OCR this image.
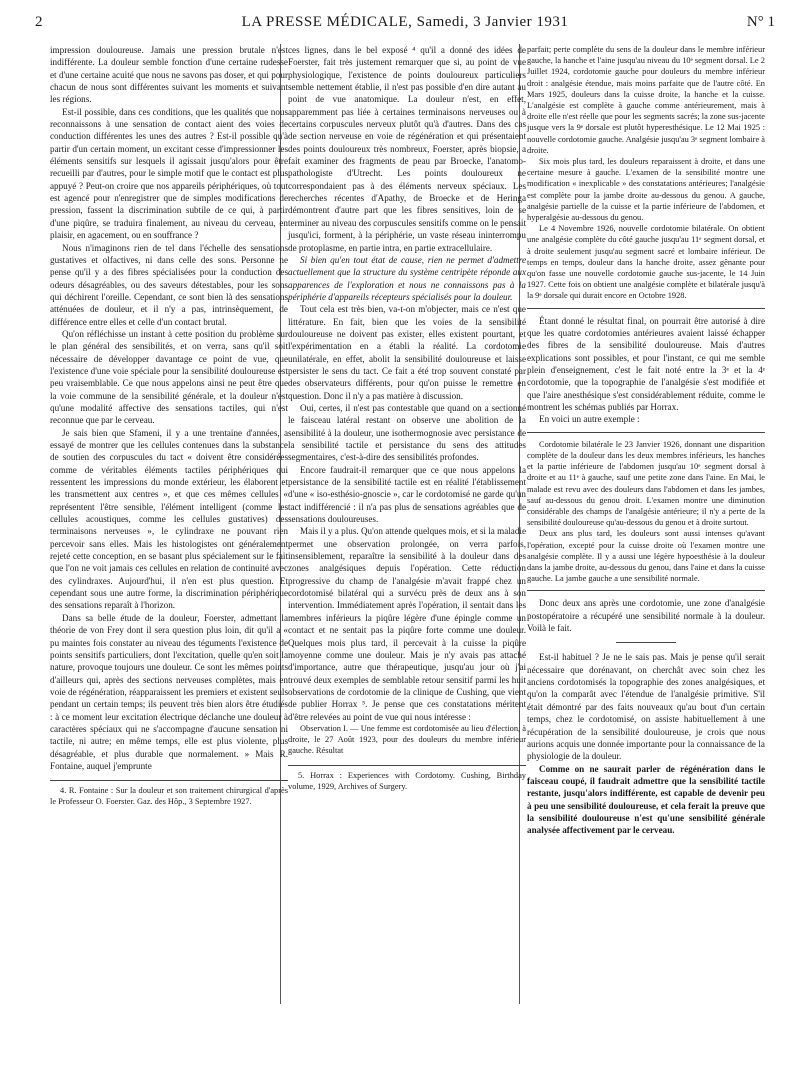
2	LA PRESSE MÉDICALE, Samedi, 3 Janvier 1931	N° 1

impression douloureuse. Jamais une pression brutale n'est indifférente. La douleur semble fonction d'une certaine rudesse et d'une certaine acuité que nous ne savons pas doser, et qui pour chacun de nous sont différentes suivant les moments et suivant les régions.

Est-il possible, dans ces conditions, que les qualités que nous reconnaissons à une sensation de contact aient des voies de conduction différentes les unes des autres ? Est-il possible qu'à partir d'un certain moment, un excitant cesse d'impressionner les éléments sensitifs sur lesquels il agissait jusqu'alors pour être recueilli par d'autres, pour le simple motif que le contact est plus appuyé ? Peut-on croire que nos appareils périphériques, où tout est agencé pour n'enregistrer que de simples modifications de pression, fassent la discrimination subtile de ce qui, à partir d'une piqûre, se traduira finalement, au niveau du cerveau, en plaisir, en agacement, ou en souffrance ?

Nous n'imaginons rien de tel dans l'échelle des sensations gustatives et olfactives, ni dans celle des sons. Personne ne pense qu'il y a des fibres spécialisées pour la conduction des odeurs désagréables, ou des saveurs détestables, pour les sons qui déchirent l'oreille. Cependant, ce sont bien là des sensations atténuées de douleur, et il n'y a pas, intrinsèquement, de différence entre elles et celle d'un contact brutal.

Qu'on réfléchisse un instant à cette position du problème sur le plan général des sensibilités, et on verra, sans qu'il soit nécessaire de développer davantage ce point de vue, que l'existence d'une voie spéciale pour la sensibilité douloureuse est peu vraisemblable. Ce que nous appelons ainsi ne peut être que la voie commune de la sensibilité générale, et la douleur n'est qu'une modalité affective des sensations tactiles, qui n'est reconnue que par le cerveau.

Je sais bien que Sfameni, il y a une trentaine d'années, a essayé de montrer que les cellules contenues dans la substance de soutien des corpuscules du tact « doivent être considérées comme de véritables éléments tactiles périphériques qui ressentent les impressions du monde extérieur, les élaborent et les transmettent aux centres », et que ces mêmes cellules « représentent l'être sensible, l'élément intelligent (comme les cellules acoustiques, comme les cellules gustatives) des terminaisons nerveuses », le cylindraxe ne pouvant rien percevoir sans elles. Mais les histologistes ont généralement rejeté cette conception, en se basant plus spécialement sur le fait que l'on ne voit jamais ces cellules en relation de continuité avec des cylindraxes. Aujourd'hui, il n'en est plus question. Et cependant sous une autre forme, la discrimination périphérique des sensations reparaît à l'horizon.

Dans sa belle étude de la douleur, Foerster, admettant la théorie de von Frey dont il sera question plus loin, dit qu'il a « pu maintes fois constater au niveau des téguments l'existence de points sensitifs particuliers, dont l'excitation, quelle qu'en soit la nature, provoque toujours une douleur. Ce sont les mêmes points d'ailleurs qui, après des sections nerveuses complètes, mais en voie de régénération, réapparaissent les premiers et existent seuls pendant un certain temps; ils peuvent très bien alors être étudiés : à ce moment leur excitation électrique déclanche une douleur à caractères spéciaux qui ne s'accompagne d'aucune sensation ni tactile, ni autre; en même temps, elle est plus violente, plus désagréable, et plus durable que normalement. » Mais R. Fontaine, auquel j'emprunte

4. R. Fontaine : Sur la douleur et son traitement chirurgical d'après le Professeur O. Foerster. Gaz. des Hôp., 3 Septembre 1927.

ces lignes, dans le bel exposé ⁴ qu'il a donné des idées de Foerster, fait très justement remarquer que si, au point de vue physiologique, l'existence de points douloureux particuliers semble nettement établie, il n'est pas possible d'en dire autant au point de vue anatomique. La douleur n'est, en effet, apparemment pas liée à certaines terminaisons nerveuses ou à certains corpuscules nerveux plutôt qu'à d'autres. Dans des cas de section nerveuse en voie de régénération et qui présentaient des points douloureux très nombreux, Foerster, après biopsie, a fait examiner des fragments de peau par Broecke, l'anatomo-pathologiste d'Utrecht. Les points douloureux ne correspondaient pas à des éléments nerveux spéciaux. Les recherches récentes d'Apathy, de Broecke et de Heringa démontrent d'autre part que les fibres sensitives, loin de se terminer au niveau des corpuscules sensitifs comme on le pensait jusqu'ici, forment, à la périphérie, un vaste réseau ininterrompu de protoplasme, en partie intra, en partie extracellulaire.

Si bien qu'en tout état de cause, rien ne permet d'admettre actuellement que la structure du système centripète réponde aux apparences de l'exploration et nous ne connaissons pas à la périphérie d'appareils récepteurs spécialisés pour la douleur.

Tout cela est très bien, va-t-on m'objecter, mais ce n'est que littérature. En fait, bien que les voies de la sensibilité douloureuse ne doivent pas exister, elles existent pourtant, et l'expérimentation en a établi la réalité. La cordotomie unilatérale, en effet, abolit la sensibilité douloureuse et laisse persister le sens du tact. Ce fait a été trop souvent constaté par des observateurs différents, pour qu'on puisse le remettre en question. Donc il n'y a pas matière à discussion.

Oui, certes, il n'est pas contestable que quand on a sectionné le faisceau latéral restant on observe une abolition de la sensibilité à la douleur, une isothermognosie avec persistance de la sensibilité tactile et persistance du sens des attitudes segmentaires, c'est-à-dire des sensibilités profondes.

Encore faudrait-il remarquer que ce que nous appelons la persistance de la sensibilité tactile est en réalité l'établissement d'une « iso-esthésio-gnoscie », car le cordotomisé ne garde qu'un tact indifférencié : il n'a pas plus de sensations agréables que de sensations douloureuses.

Mais il y a plus. Qu'on attende quelques mois, et si la maladie permet une observation prolongée, on verra parfois, insensiblement, reparaître la sensibilité à la douleur dans des zones analgésiques depuis l'opération. Cette réduction progressive du champ de l'analgésie m'avait frappé chez un cordotomisé bilatéral qui a survécu près de deux ans à son intervention. Immédiatement après l'opération, il sentait dans les membres inférieurs la piqûre légère d'une épingle comme un contact et ne sentait pas la piqûre forte comme une douleur. Quelques mois plus tard, il percevait à la cuisse la piqûre moyenne comme une douleur. Mais je n'y avais pas attaché d'importance, autre que thérapeutique, jusqu'au jour où j'ai trouvé deux exemples de semblable retour sensitif parmi les huit observations de cordotomie de la clinique de Cushing, que vient de publier Horrax ⁵. Je pense que ces constatations méritent d'être relevées au point de vue qui nous intéresse :

Observation I. — Une femme est cordotomisée au lieu d'élection, à droite, le 27 Août 1923, pour des douleurs du membre inférieur gauche. Résultat

5. Horrax : Experiences with Cordotomy. Cushing, Birthday volume, 1929, Archives of Surgery.

parfait; perte complète du sens de la douleur dans le membre inférieur gauche, la hanche et l'aine jusqu'au niveau du 10ᵉ segment dorsal. Le 2 Juillet 1924, cordotomie gauche pour douleurs du membre inférieur droit : analgésie étendue, mais moins parfaite que de l'autre côté. En Mars 1925, douleurs dans la cuisse droite, la hanche et la cuisse. L'analgésie est complète à gauche comme antérieurement, mais à droite elle n'est réelle que pour les segments sacrés; la zone sus-jacente jusque vers la 9ᵉ dorsale est plutôt hyperesthésique. Le 12 Mai 1925 : nouvelle cordotomie gauche. Analgésie jusqu'au 3ᵉ segment lombaire à droite.

Six mois plus tard, les douleurs reparaissent à droite, et dans une certaine mesure à gauche. L'examen de la sensibilité montre une modification « inexplicable » des constatations antérieures; l'analgésie est complète pour la jambe droite au-dessous du genou. A gauche, analgésie partielle de la cuisse et la partie inférieure de l'abdomen, et hyperalgésie au-dessous du genou.

Le 4 Novembre 1926, nouvelle cordotomie bilatérale. On obtient une analgésie complète du côté gauche jusqu'au 11ᵉ segment dorsal, et à droite seulement jusqu'au segment sacré et lombaire inférieur. De temps en temps, douleur dans la hanche droite, assez gênante pour qu'on fasse une nouvelle cordotomie gauche sus-jacente, le 14 Juin 1927. Cette fois on obtient une analgésie complète et bilatérale jusqu'à la 9ᵉ dorsale qui durait encore en Octobre 1928.

Étant donné le résultat final, on pourrait être autorisé à dire que les quatre cordotomies antérieures avaient laissé échapper des fibres de la sensibilité douloureuse. Mais d'autres explications sont possibles, et pour l'instant, ce qui me semble plein d'enseignement, c'est le fait noté entre la 3ᵉ et la 4ᵉ cordotomie, que la topographie de l'analgésie s'est modifiée et que l'aire anesthésique s'est considérablement réduite, comme le montrent les schémas publiés par Horrax.

En voici un autre exemple :

Cordotomie bilatérale le 23 Janvier 1926, donnant une disparition complète de la douleur dans les deux membres inférieurs, les hanches et la partie inférieure de l'abdomen jusqu'au 10ᵉ segment dorsal à droite et au 11ᵉ à gauche, sauf une petite zone dans l'aine. En Mai, le malade est revu avec des douleurs dans l'abdomen et dans les jambes, sauf au-dessous du genou droit. L'examen montre une diminution considérable des champs de l'analgésie antérieure; il n'y a perte de la sensibilité douloureuse qu'au-dessous du genou et à droite surtout.

Deux ans plus tard, les douleurs sont aussi intenses qu'avant l'opération, excepté pour la cuisse droite où l'examen montre une analgésie complète. Il y a aussi une légère hypoesthésie à la douleur dans la jambe droite, au-dessous du genou, dans l'aine et dans la cuisse gauche. La jambe gauche a une sensibilité normale.

Donc deux ans après une cordotomie, une zone d'analgésie postopératoire a récupéré une sensibilité normale à la douleur. Voilà le fait.

Est-il habituel ? Je ne le sais pas. Mais je pense qu'il serait nécessaire que dorénavant, on cherchât avec soin chez les anciens cordotomisés la topographie des zones analgésiques, et qu'on la comparât avec l'étendue de l'analgésie primitive. S'il était démontré par des faits nouveaux qu'au bout d'un certain temps, chez le cordotomisé, on assiste habituellement à une récupération de la sensibilité douloureuse, je crois que nous aurions acquis une donnée importante pour la connaissance de la physiologie de la douleur.

Comme on ne saurait parler de régénération dans le faisceau coupé, il faudrait admettre que la sensibilité tactile restante, jusqu'alors indifférente, est capable de devenir peu à peu une sensibilité douloureuse, et cela ferait la preuve que la sensibilité douloureuse n'est qu'une sensibilité générale analysée affectivement par le cerveau.
